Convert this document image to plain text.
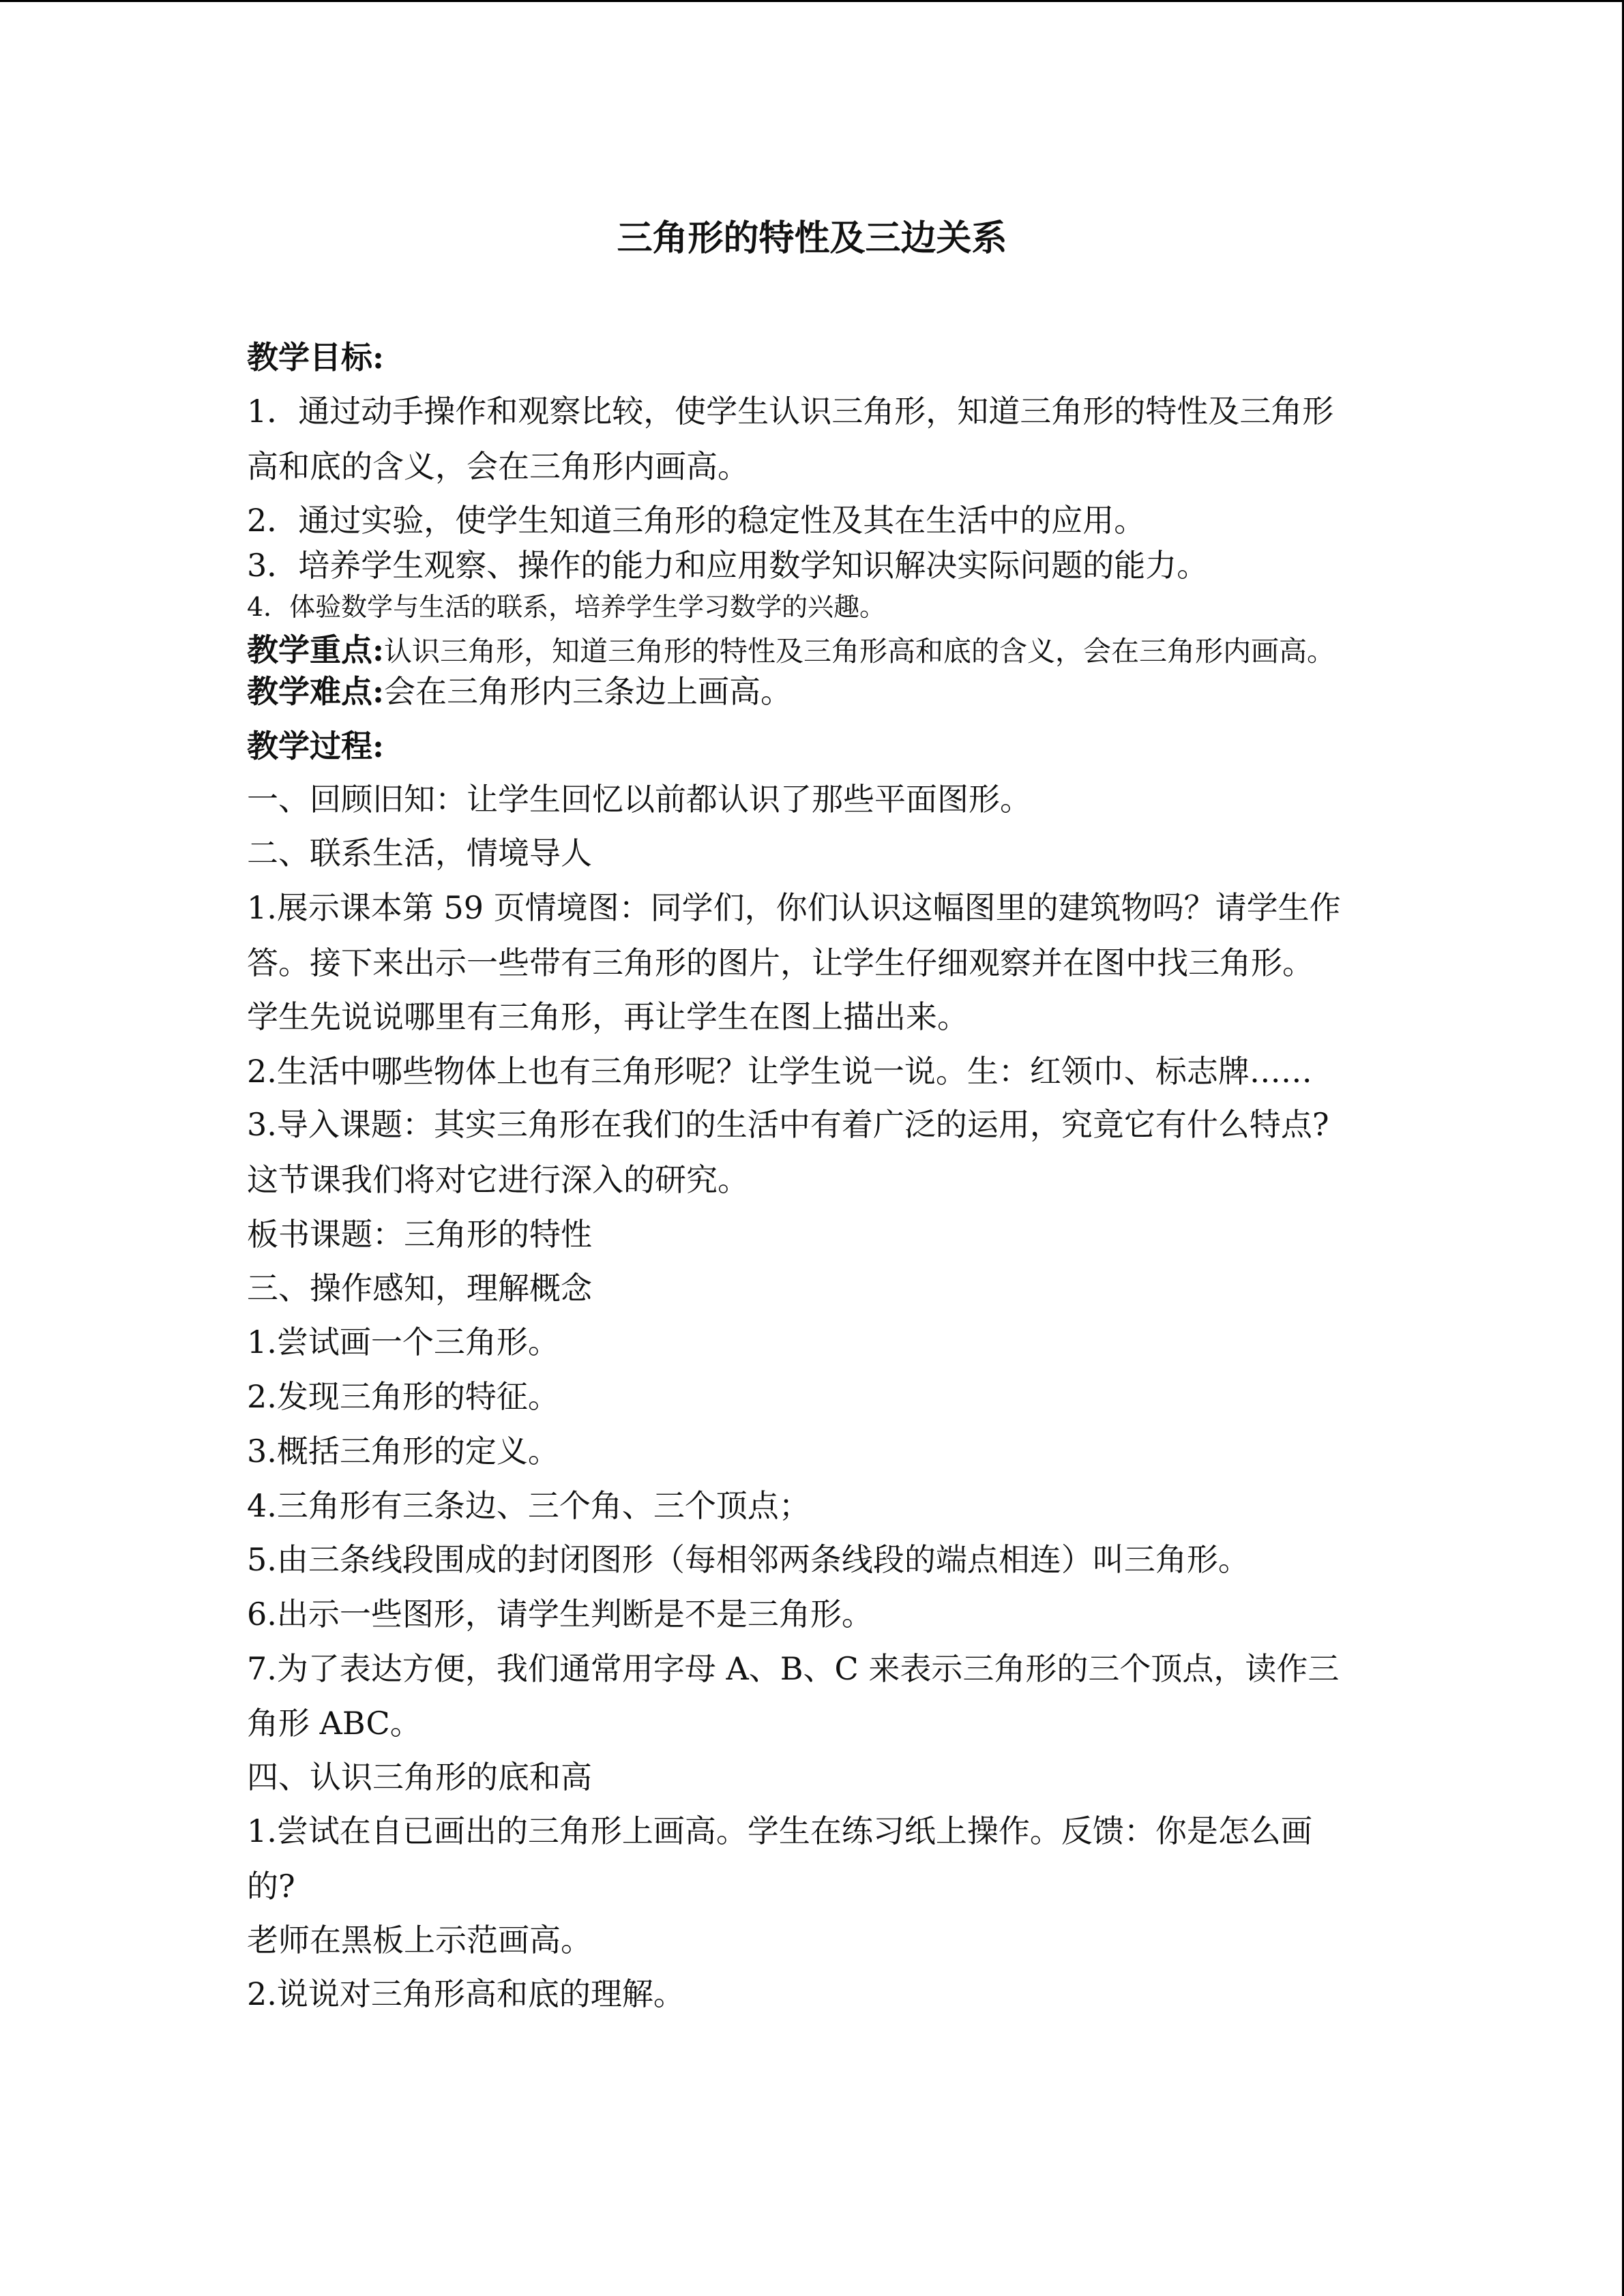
三角形的特性及三边关系
教学目标:
1．通过动手操作和观察比较，使学生认识三角形，知道三角形的特性及三角形
高和底的含义，会在三角形内画高。
2．通过实验，使学生知道三角形的稳定性及其在生活中的应用。
3．培养学生观察、操作的能力和应用数学知识解决实际问题的能力。
4．体验数学与生活的联系，培养学生学习数学的兴趣。
教学重点:认识三角形，知道三角形的特性及三角形高和底的含义，会在三角形内画高。
教学难点:会在三角形内三条边上画高。
教学过程:
一、回顾旧知：让学生回忆以前都认识了那些平面图形。
二、联系生活，情境导人
1.展示课本第 59 页情境图：同学们，你们认识这幅图里的建筑物吗？请学生作
答。接下来出示一些带有三角形的图片，让学生仔细观察并在图中找三角形。
学生先说说哪里有三角形，再让学生在图上描出来。
2.生活中哪些物体上也有三角形呢？让学生说一说。生：红领巾、标志牌……
3.导入课题：其实三角形在我们的生活中有着广泛的运用，究竟它有什么特点?
这节课我们将对它进行深入的研究。
板书课题：三角形的特性
三、操作感知，理解概念
1.尝试画一个三角形。
2.发现三角形的特征。
3.概括三角形的定义。
4.三角形有三条边、三个角、三个顶点；
5.由三条线段围成的封闭图形（每相邻两条线段的端点相连）叫三角形。
6.出示一些图形，请学生判断是不是三角形。
7.为了表达方便，我们通常用字母 A、B、C 来表示三角形的三个顶点，读作三
角形 ABC。
四、认识三角形的底和高
1.尝试在自已画出的三角形上画高。学生在练习纸上操作。反馈：你是怎么画
的?
老师在黑板上示范画高。
2.说说对三角形高和底的理解。
